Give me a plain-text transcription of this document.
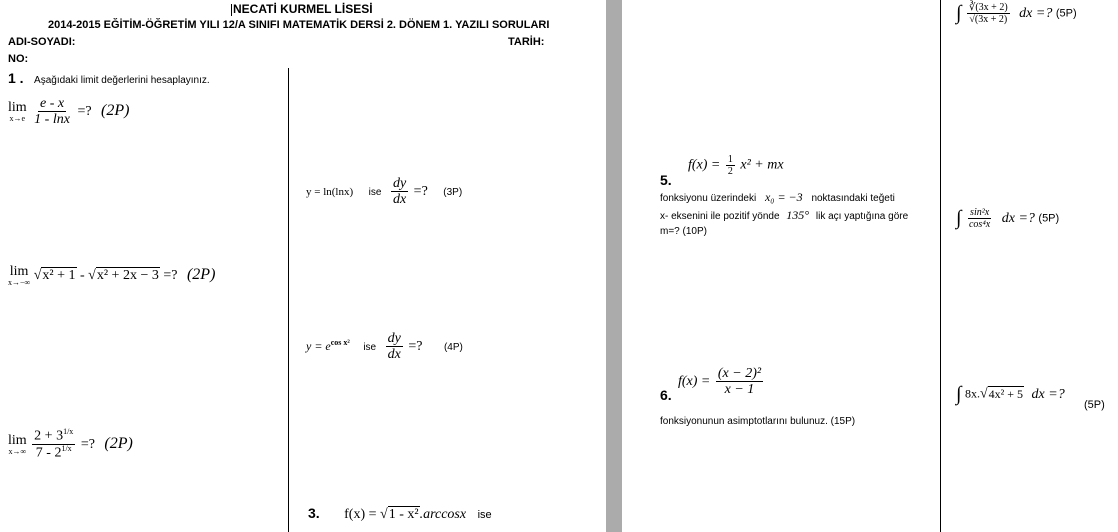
NECATİ KURMEL LİSESİ
2014-2015 EĞİTİM-ÖĞRETİM YILI 12/A SINIFI MATEMATİK DERSİ 2. DÖNEM 1. YAZILI SORULARI
ADI-SOYADI:	TARİH:
NO:
1 . Aşağıdaki limit değerlerini hesaplayınız.
lim
x→e
$\frac{e - x}{1 - \ln x}$ =? (2P)
lim
x→−∞ √x² + 1 - √x² + 2x − 3 =? (2P)
lim
x→∞
$\frac{2 + 3^{1/x}}{7 - 2^{1/x}}$ =? (2P)
y = ln(lnx) ise $\frac{dy}{dx}$ =? (3P)
$y = e^{cos x^2}$ ise $\frac{dy}{dx}$ =? (4P)
3. f(x) = √1 - x².arccosx ise
∫ $\frac{∛(3x + 2)}{√(3x + 2)}$ dx =? (5P)
∫ $\frac{\text{sin²x}}{\text{cos⁴x}}$ dx =? (5P)
∫ 8x.√4x² + 5 dx =?
(5P)
$f(x) = \frac{1}{2} x^2$ + mx
5.
fonksiyonu üzerindeki x₀ = −3 noktasındaki teğeti
x- eksenini ile pozitif yönde 135° lik açı yaptığına göre
m=? (10P)
6.
$f(x) = \frac{\text{(x − 2)²}}{x - 1}$
fonksiyonunun asimptotlarını bulunuz. (15P)
